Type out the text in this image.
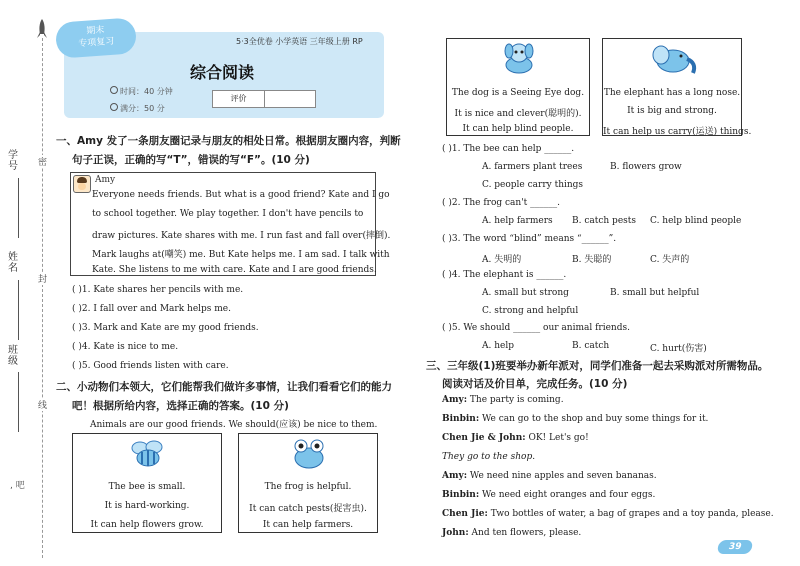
学号
姓名
班级
密
封
线
, 吧
期末
专项复习	5·3全优卷 小学英语 三年级上册 RP
综合阅读
时间：40 分钟
满分：50 分
评价
一、Amy 发了一条朋友圈记录与朋友的相处日常。根据朋友圈内容，判断
句子正误，正确的写“T”，错误的写“F”。(10 分)
Amy
Everyone needs friends. But what is a good friend? Kate and I go
to school together. We play together. I don't have pencils to
draw pictures. Kate shares with me. I run fast and fall over(摔倒).
Mark laughs at(嘲笑) me. But Kate helps me. I am sad. I talk with
Kate. She listens to me with care. Kate and I are good friends.
( )1. Kate shares her pencils with me.
( )2. I fall over and Mark helps me.
( )3. Mark and Kate are my good friends.
( )4. Kate is nice to me.
( )5. Good friends listen with care.
二、小动物们本领大，它们能帮我们做许多事情，让我们看看它们的能力
吧！根据所给内容，选择正确的答案。(10 分)
Animals are our good friends. We should(应该) be nice to them.
The bee is small.
It is hard-working.
It can help flowers grow.
The frog is helpful.
It can catch pests(捉害虫).
It can help farmers.
The dog is a Seeing Eye dog.
It is nice and clever(聪明的).
It can help blind people.
The elephant has a long nose.
It is big and strong.
It can help us carry(运送) things.
( )1. The bee can help ______.
A. farmers plant trees	B. flowers grow
C. people carry things
( )2. The frog can't ______.
A. help farmers B. catch pests C. help blind people
( )3. The word “blind” means “______”.
A. 失明的	B. 失聪的	C. 失声的
( )4. The elephant is ______.
A. small but strong	B. small but helpful
C. strong and helpful
( )5. We should ______ our animal friends.
A. help	B. catch	C. hurt(伤害)
三、三年级(1)班要举办新年派对，同学们准备一起去采购派对所需物品。
阅读对话及价目单，完成任务。(10 分)
Amy: The party is coming.
Binbin: We can go to the shop and buy some things for it.
Chen Jie & John: OK! Let's go!
They go to the shop.
Amy: We need nine apples and seven bananas.
Binbin: We need eight oranges and four eggs.
Chen Jie: Two bottles of water, a bag of grapes and a toy panda, please.
John: And ten flowers, please.
39
